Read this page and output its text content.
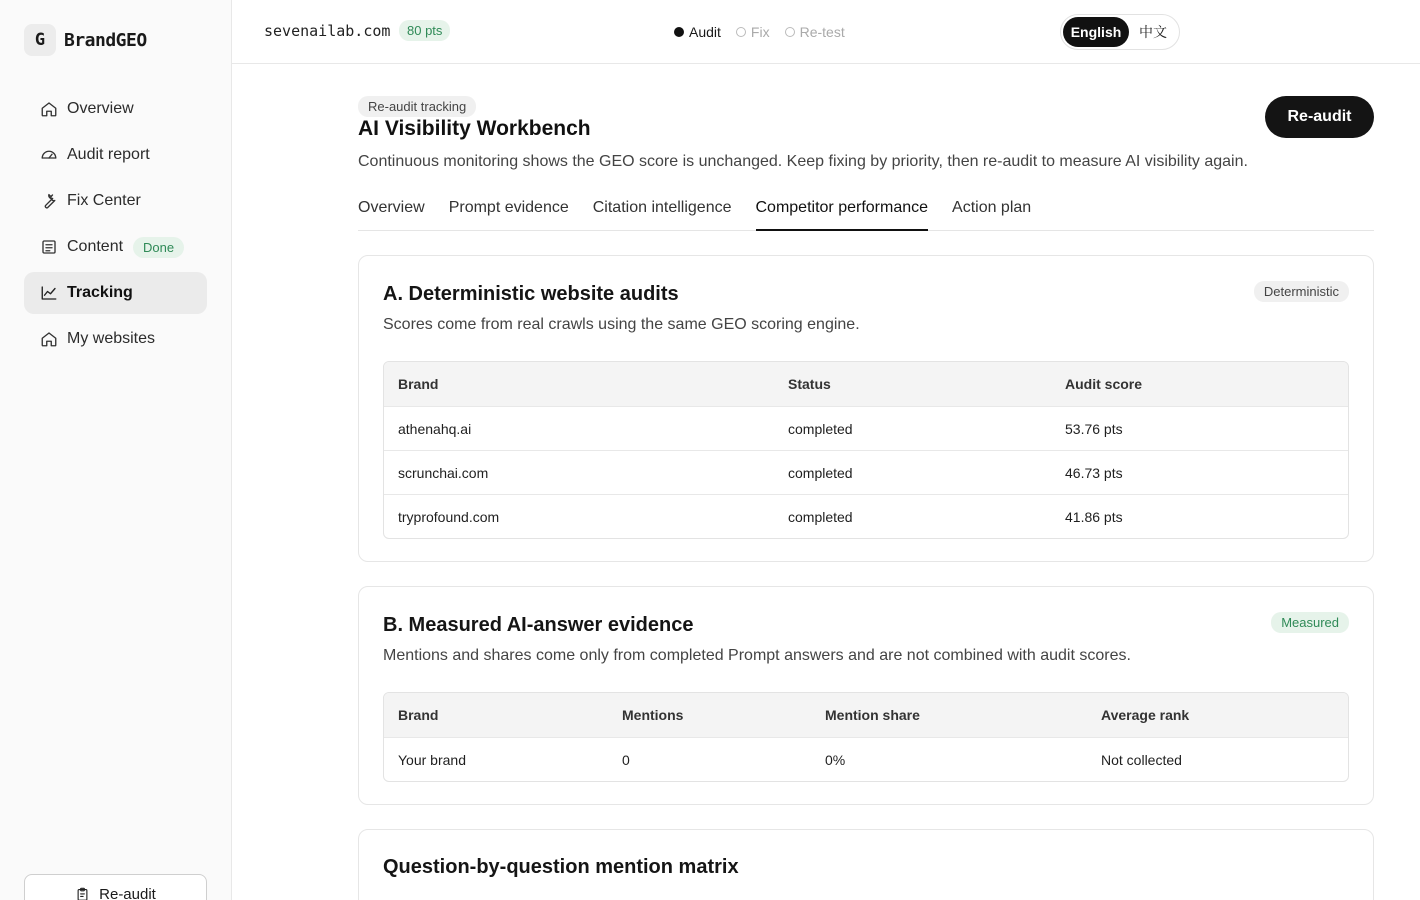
G	BrandGEO
Overview
Audit report
Fix Center
Content	Done
Tracking
My websites
Re-audit
sevenailab.com	80 pts	Audit Fix Re-test	English	中文
Re-audit tracking
AI Visibility Workbench

Continuous monitoring shows the GEO score is unchanged. Keep fixing by priority, then re-audit to measure AI visibility again.

Re-audit
Overview Prompt evidence Citation intelligence Competitor performance Action plan
A. Deterministic website audits	Deterministic

Scores come from real crawls using the same GEO scoring engine.

Brand	Status	Audit score
athenahq.ai	completed	53.76 pts
scrunchai.com	completed	46.73 pts
tryprofound.com	completed	41.86 pts
B. Measured AI-answer evidence	Measured

Mentions and shares come only from completed Prompt answers and are not combined with audit scores.

Brand	Mentions	Mention share	Average rank
Your brand	0	0%	Not collected
Question-by-question mention matrix
